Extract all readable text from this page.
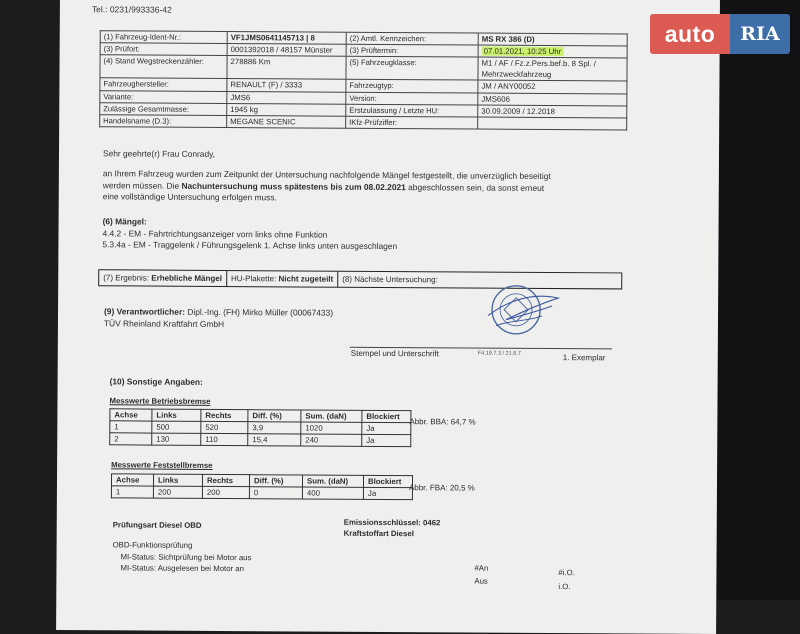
Tel.: 0231/993336-42
(1) Fahrzeug-Ident-Nr.:	VF1JMS0641145713 | 8	(2) Amtl. Kennzeichen:	MS RX 386 (D)
(3) Prüfort:	0001392018 / 48157 Münster	(3) Prüftermin:	07.01.2021, 10:25 Uhr
(4) Stand Wegstreckenzähler:	278886 Km	(5) Fahrzeugklasse:	M1 / AF / Fz.z.Pers.bef.b. 8 Spl. / Mehrzweckfahrzeug
Fahrzeughersteller:	RENAULT (F) / 3333	Fahrzeugtyp:	JM / ANY00052
Variante:	JMS6	Version:	JMS606
Zulässige Gesamtmasse:	1945 kg	Erstzulassung / Letzte HU:	30.09.2009 / 12.2018
Handelsname (D.3):	MEGANE SCENIC	IKfz-Prüfziffer:	
Sehr geehrte(r) Frau Conrady,
an Ihrem Fahrzeug wurden zum Zeitpunkt der Untersuchung nachfolgende Mängel festgestellt, die unverzüglich beseitigt
werden müssen. Die Nachuntersuchung muss spätestens bis zum 08.02.2021 abgeschlossen sein, da sonst erneut
eine vollständige Untersuchung erfolgen muss.
(6) Mängel:
4.4.2 - EM - Fahrtrichtungsanzeiger vorn links ohne Funktion
5.3.4a - EM - Traggelenk / Führungsgelenk 1. Achse links unten ausgeschlagen
(7) Ergebnis: Erhebliche Mängel	HU-Plakette: Nicht zugeteilt	(8) Nächste Untersuchung:
(9) Verantwortlicher: Dipl.-Ing. (FH) Mirko Müller (00067433)
TÜV Rheinland Kraftfahrt GmbH
Stempel und Unterschrift	F4.19.7.3 / 21.6.7	1. Exemplar
(10) Sonstige Angaben:
Messwerte Betriebsbremse
Achse	Links	Rechts	Diff. (%)	Sum. (daN)	Blockiert
1	500	520	3,9	1020	Ja
2	130	110	15,4	240	Ja
Abbr. BBA: 64,7 %
Messwerte Feststellbremse
Achse	Links	Rechts	Diff. (%)	Sum. (daN)	Blockiert
1	200	200	0	400	Ja
Abbr. FBA: 20,5 %
Prüfungsart Diesel OBD	Emissionsschlüssel: 0462
Kraftstoffart Diesel
OBD-Funktionsprüfung
MI-Status: Sichtprüfung bei Motor aus
MI-Status: Ausgelesen bei Motor an	#An
Aus
#i.O.
i.O.
auto	RIA
